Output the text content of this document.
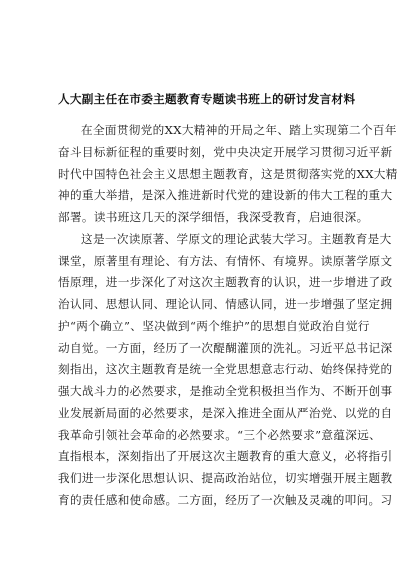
人大副主任在市委主题教育专题读书班上的研讨发言材料
在全面贯彻党的XX大精神的开局之年、踏上实现第二个百年
奋斗目标新征程的重要时刻，党中央决定开展学习贯彻习近平新
时代中国特色社会主义思想主题教育，这是贯彻落实党的XX大精
神的重大举措，是深入推进新时代党的建设新的伟大工程的重大
部署。读书班这几天的深学细悟，我深受教育，启迪很深。
这是一次读原著、学原文的理论武装大学习。主题教育是大
课堂，原著里有理论、有方法、有情怀、有境界。读原著学原文
悟原理，进一步深化了对这次主题教育的认识，进一步增进了政
治认同、思想认同、理论认同、情感认同，进一步增强了坚定拥
护“两个确立”、坚决做到“两个维护”的思想自觉政治自觉行
动自觉。一方面，经历了一次醍醐灌顶的洗礼。习近平总书记深
刻指出，这次主题教育是统一全党思想意志行动、始终保持党的
强大战斗力的必然要求，是推动全党积极担当作为、不断开创事
业发展新局面的必然要求，是深入推进全面从严治党、以党的自
我革命引领社会革命的必然要求。“三个必然要求”意蕴深远、
直指根本，深刻指出了开展这次主题教育的重大意义，必将指引
我们进一步深化思想认识、提高政治站位，切实增强开展主题教
育的责任感和使命感。二方面，经历了一次触及灵魂的叩问。习
